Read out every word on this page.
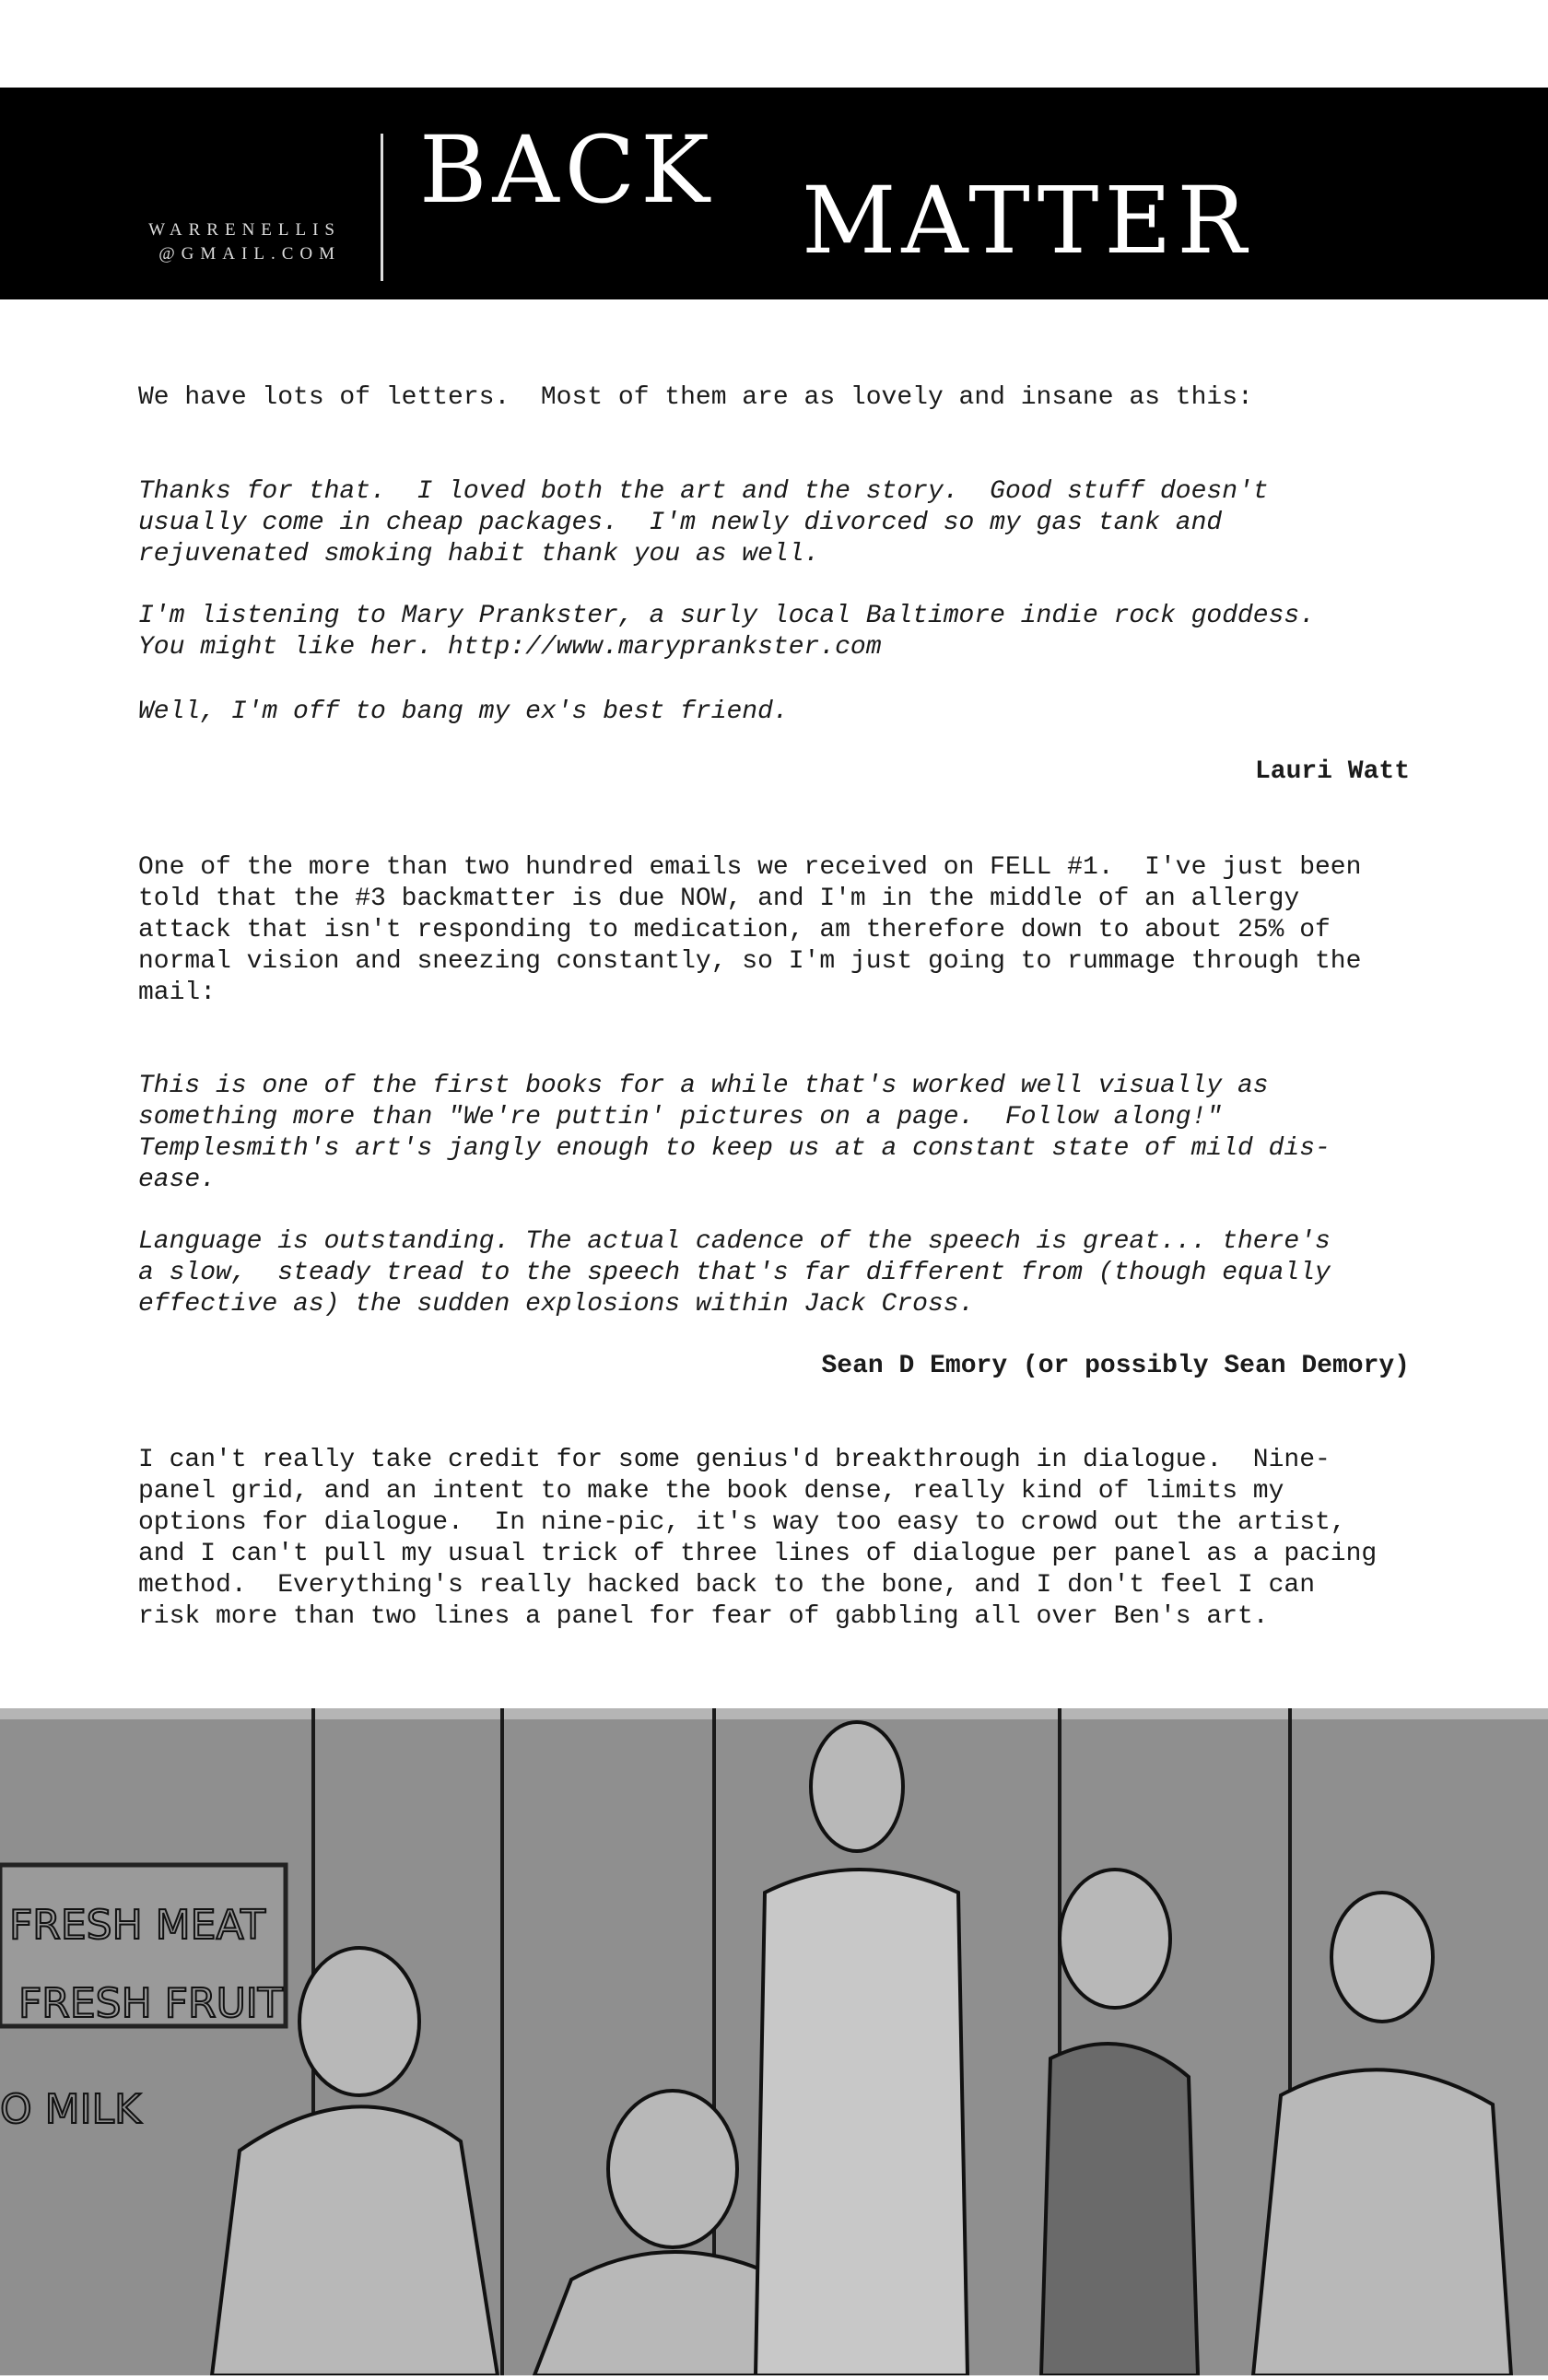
WARRENELLIS
@GMAIL.COM
BACK MATTER
We have lots of letters.  Most of them are as lovely and insane as this:
Thanks for that.  I loved both the art and the story.  Good stuff doesn't
usually come in cheap packages.  I'm newly divorced so my gas tank and
rejuvenated smoking habit thank you as well.
I'm listening to Mary Prankster, a surly local Baltimore indie rock goddess.
You might like her. http://www.maryprankster.com
Well, I'm off to bang my ex's best friend.
Lauri Watt
One of the more than two hundred emails we received on FELL #1.  I've just been
told that the #3 backmatter is due NOW, and I'm in the middle of an allergy
attack that isn't responding to medication, am therefore down to about 25% of
normal vision and sneezing constantly, so I'm just going to rummage through the
mail:
This is one of the first books for a while that's worked well visually as
something more than "We're puttin' pictures on a page.  Follow along!"
Templesmith's art's jangly enough to keep us at a constant state of mild dis-
ease.
Language is outstanding. The actual cadence of the speech is great... there's
a slow,  steady tread to the speech that's far different from (though equally
effective as) the sudden explosions within Jack Cross.
Sean D Emory (or possibly Sean Demory)
I can't really take credit for some genius'd breakthrough in dialogue.  Nine-
panel grid, and an intent to make the book dense, really kind of limits my
options for dialogue.  In nine-pic, it's way too easy to crowd out the artist,
and I can't pull my usual trick of three lines of dialogue per panel as a pacing
method.  Everything's really hacked back to the bone, and I don't feel I can
risk more than two lines a panel for fear of gabbling all over Ben's art.
FRESH MEAT
FRESH FRUIT
O MILK
